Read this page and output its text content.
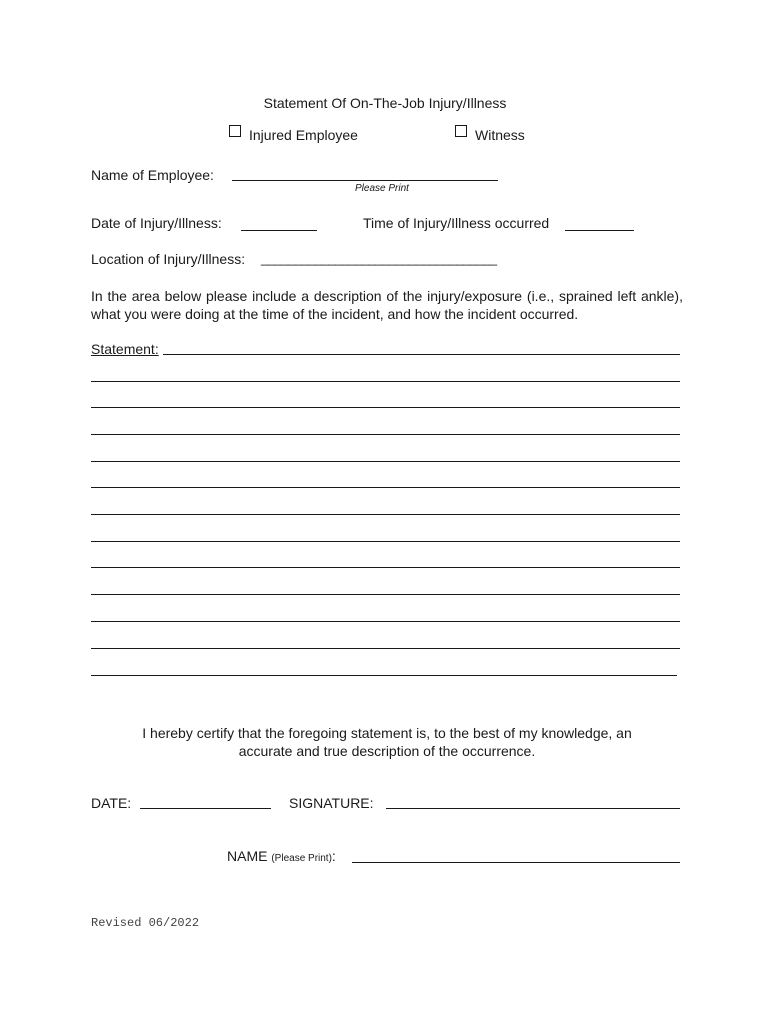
Statement Of On-The-Job Injury/Illness
Injured Employee	Witness
Name of Employee:
Please Print
Date of Injury/Illness:	Time of Injury/Illness occurred
Location of Injury/Illness: ___________________________________
In the area below please include a description of the injury/exposure (i.e., sprained left ankle), what you were doing at the time of the incident, and how the incident occurred.
Statement:
I hereby certify that the foregoing statement is, to the best of my knowledge, an
accurate and true description of the occurrence.
DATE:	SIGNATURE:
NAME (Please Print):
Revised 06/2022
